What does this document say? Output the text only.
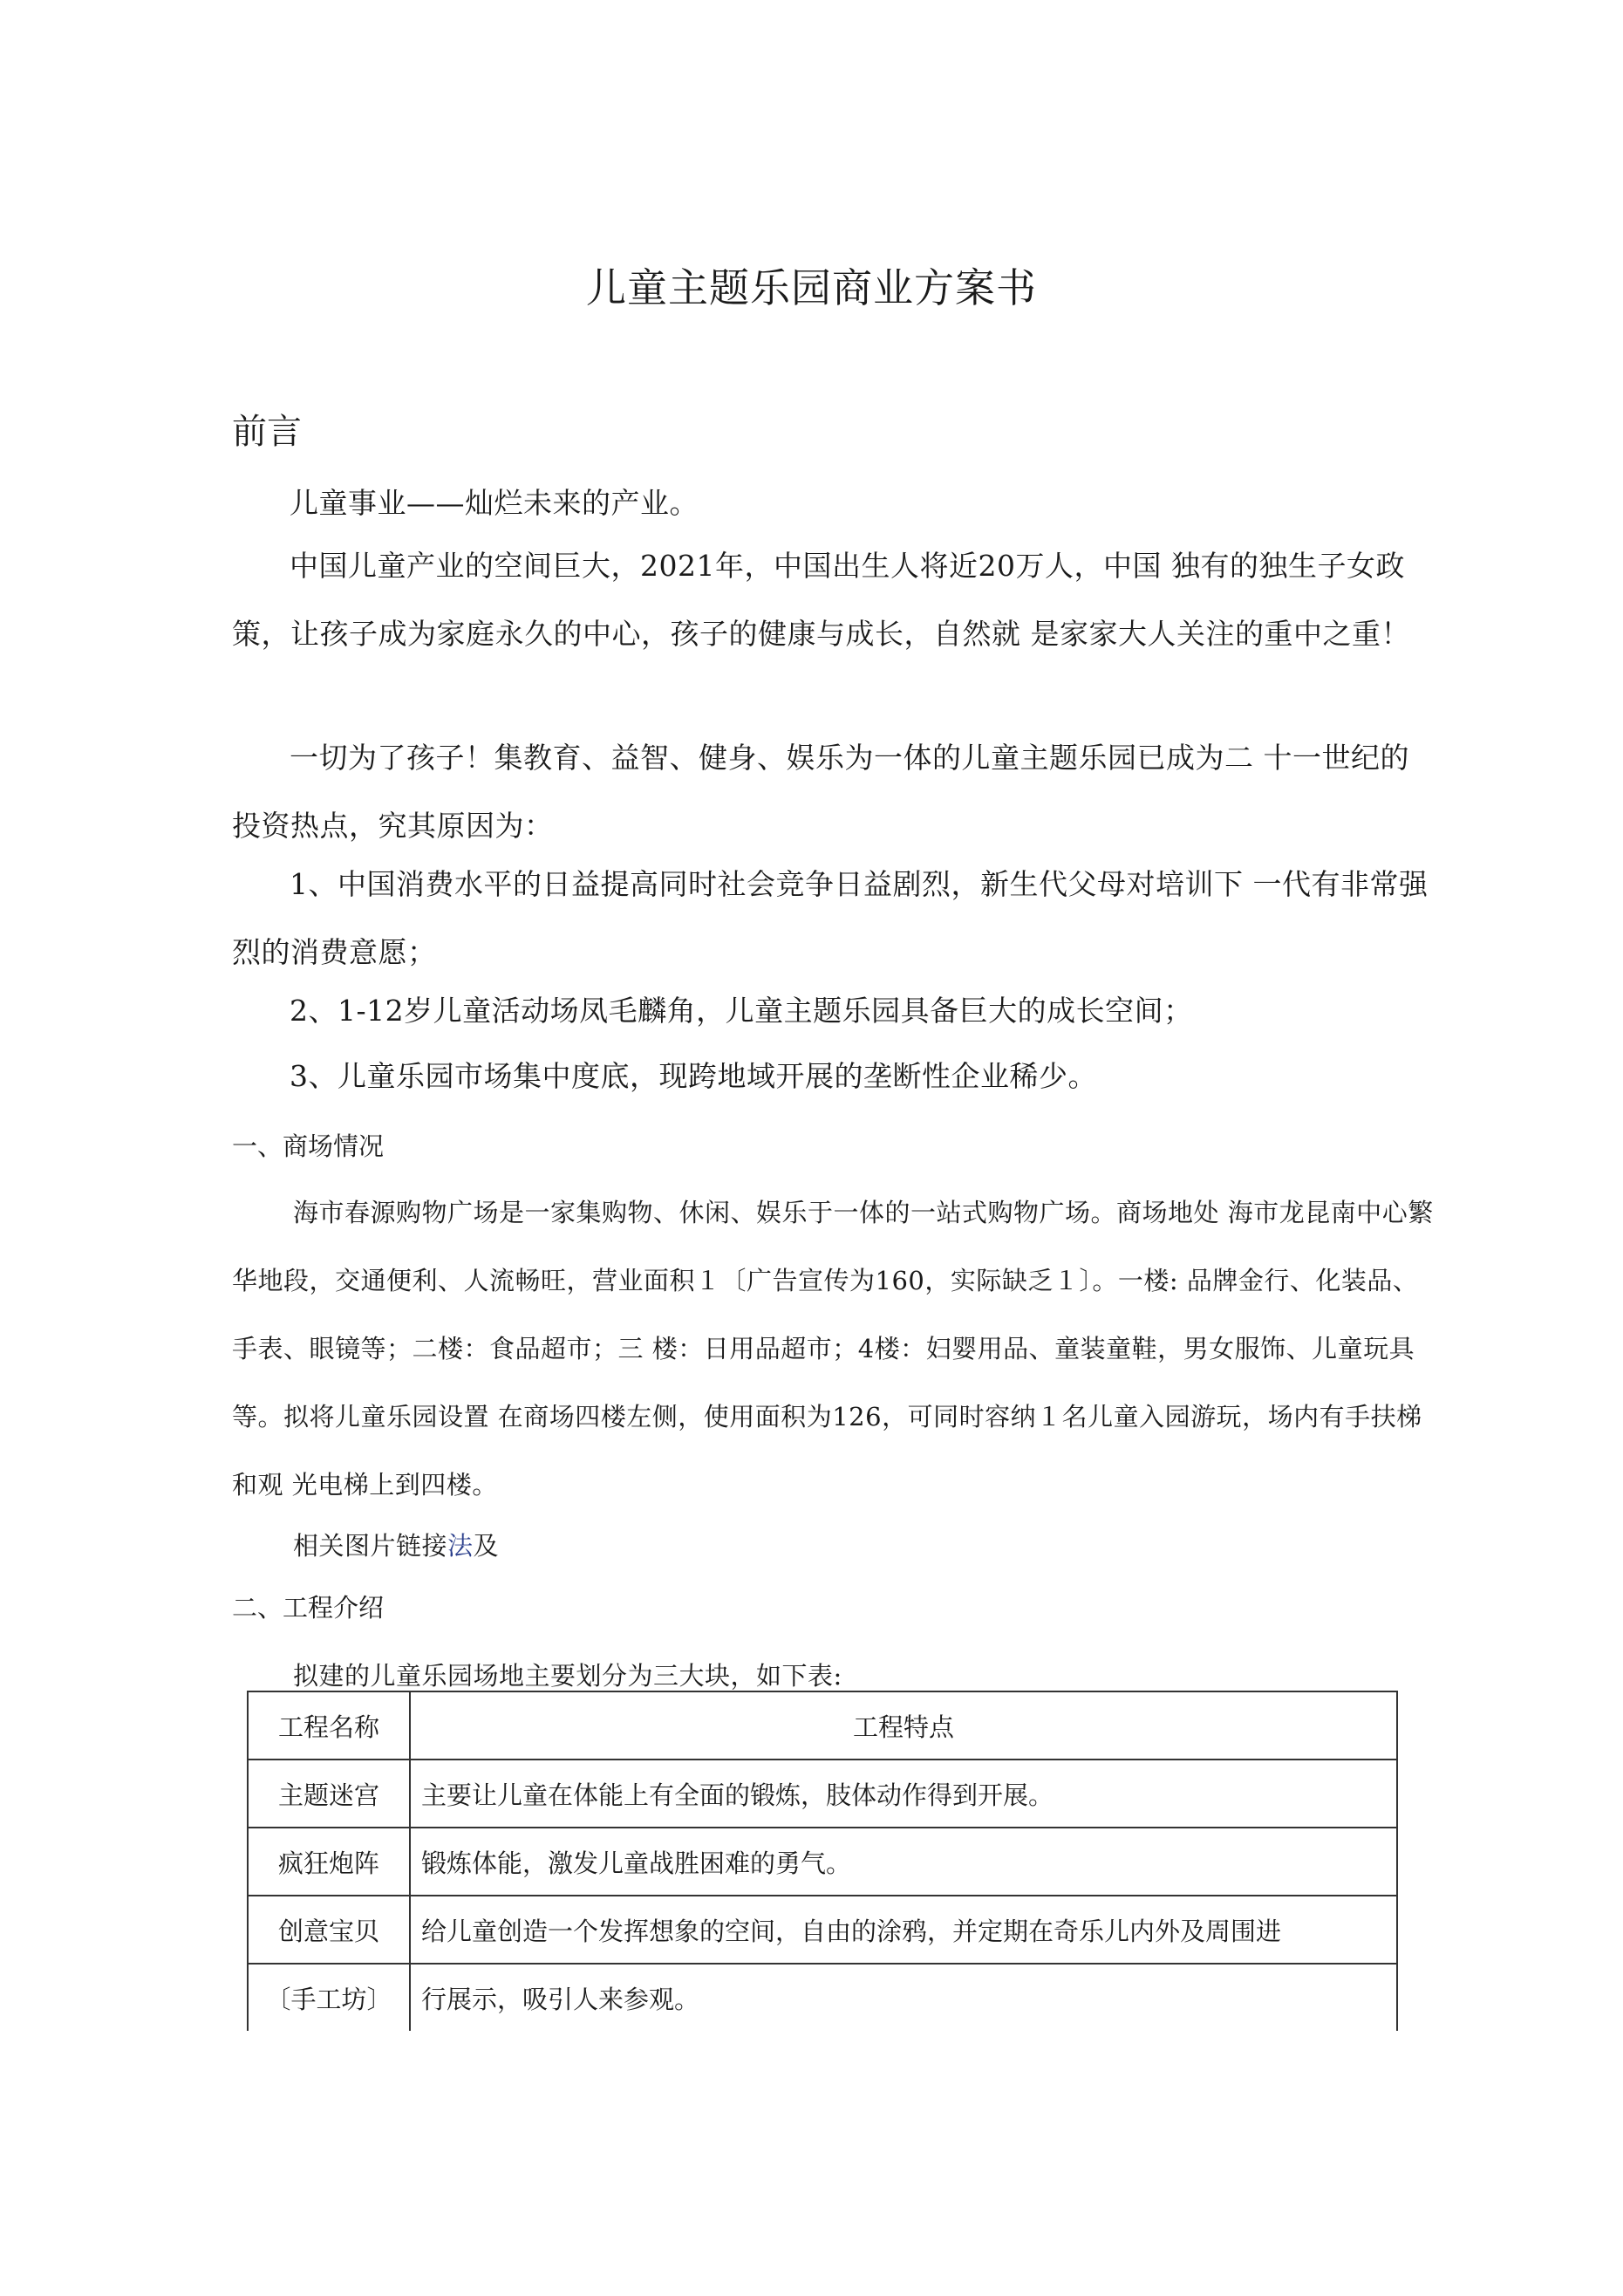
儿童主题乐园商业方案书
前言

儿童事业——灿烂未来的产业。

中国儿童产业的空间巨大，2021年，中国出生人将近20万人，中国 独有的独生子女政策，让孩子成为家庭永久的中心，孩子的健康与成长，自然就 是家家大人关注的重中之重！

一切为了孩子！集教育、益智、健身、娱乐为一体的儿童主题乐园已成为二 十一世纪的投资热点，究其原因为：

1、中国消费水平的日益提高同时社会竞争日益剧烈，新生代父母对培训下 一代有非常强烈的消费意愿；

2、1-12岁儿童活动场凤毛麟角，儿童主题乐园具备巨大的成长空间；

3、儿童乐园市场集中度底，现跨地域开展的垄断性企业稀少。

一、商场情况

海市春源购物广场是一家集购物、休闲、娱乐于一体的一站式购物广场。商场地处 海市龙昆南中心繁华地段，交通便利、人流畅旺，营业面积１〔广告宣传为160，实际缺乏１〕。一楼: 品牌金行、化装品、手表、眼镜等；二楼：食品超市；三 楼：日用品超市；4楼：妇婴用品、童装童鞋，男女服饰、儿童玩具等。拟将儿童乐园设置 在商场四楼左侧，使用面积为126，可同时容纳１名儿童入园游玩，场内有手扶梯和观 光电梯上到四楼。

相关图片链接法及

二、工程介绍

拟建的儿童乐园场地主要划分为三大块，如下表:

工程名称	工程特点
主题迷宫	主要让儿童在体能上有全面的锻炼，肢体动作得到开展。
疯狂炮阵	锻炼体能，激发儿童战胜困难的勇气。
创意宝贝	给儿童创造一个发挥想象的空间，自由的涂鸦，并定期在奇乐儿内外及周围进
〔手工坊〕	行展示，吸引人来参观。
